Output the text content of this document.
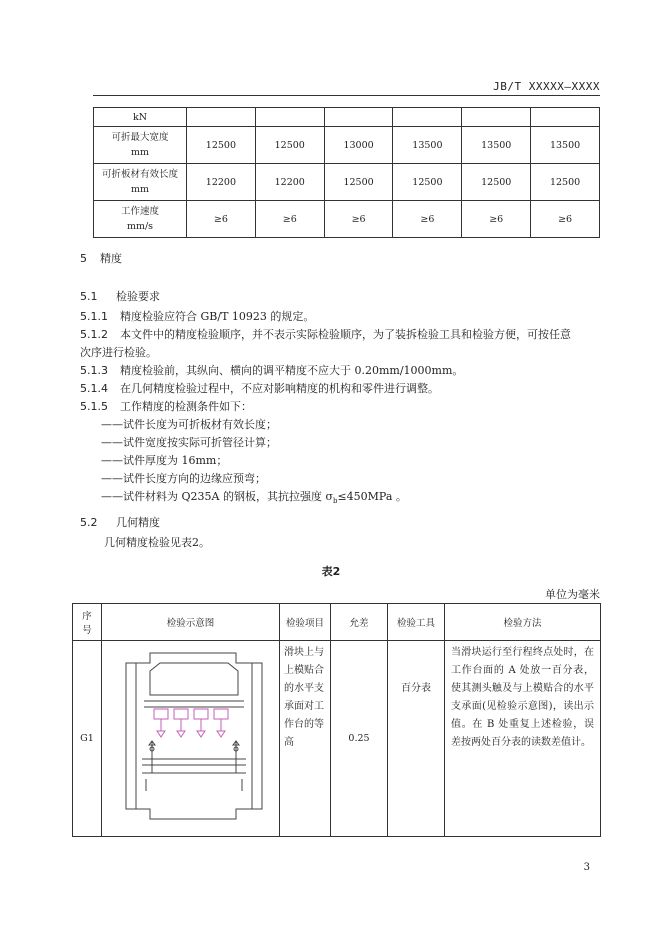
JB/T XXXXX—XXXX
kN						
可折最大宽度
mm	12500	12500	13000	13500	13500	13500
可折板材有效长度
mm	12200	12200	12500	12500	12500	12500
工作速度
mm/s	≥6	≥6	≥6	≥6	≥6	≥6
5 精度
5.1 检验要求
5.1.1 精度检验应符合 GB/T 10923 的规定。
5.1.2 本文件中的精度检验顺序，并不表示实际检验顺序，为了装拆检验工具和检验方便，可按任意
次序进行检验。
5.1.3 精度检验前，其纵向、横向的调平精度不应大于 0.20mm/1000mm。
5.1.4 在几何精度检验过程中，不应对影响精度的机构和零件进行调整。
5.1.5 工作精度的检测条件如下：
——试件长度为可折板材有效长度；
——试件宽度按实际可折管径计算；
——试件厚度为 16mm；
——试件长度方向的边缘应预弯；
——试件材料为 Q235A 的钢板，其抗拉强度 $\sigma_b\le 450MPa$ 。
5.2 几何精度
几何精度检验见表2。
表2
单位为毫米
序
号	检验示意图	检验项目	允差	检验工具	检验方法
G1		滑块上与上模贴合的水平支承面对工作台的等高	0.25	百分表	当滑块运行至行程终点处时，在工作台面的 A 处放一百分表，使其测头触及与上模贴合的水平支承面(见检验示意图)，读出示值。在 B 处重复上述检验，误差按两处百分表的读数差值计。
3
